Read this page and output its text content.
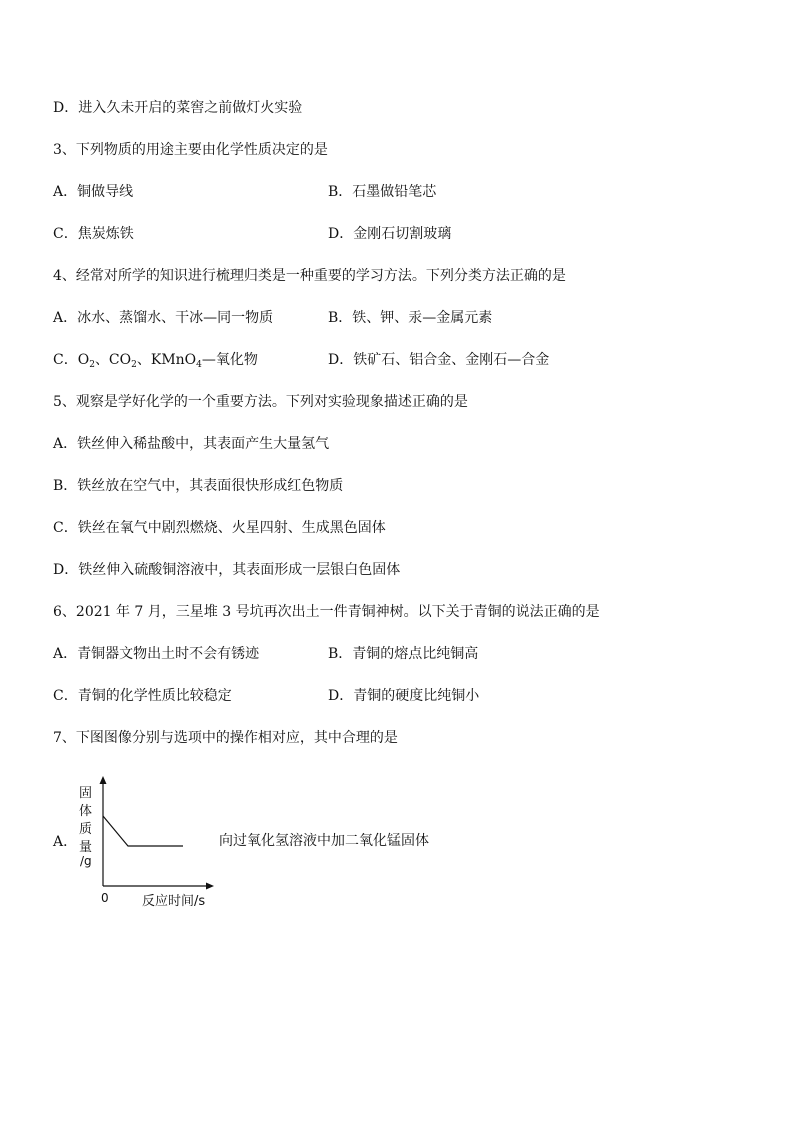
D．进入久未开启的菜窖之前做灯火实验
3、下列物质的用途主要由化学性质决定的是
A．铜做导线	B．石墨做铅笔芯
C．焦炭炼铁	D．金刚石切割玻璃
4、经常对所学的知识进行梳理归类是一种重要的学习方法。下列分类方法正确的是
A．冰水、蒸馏水、干冰—同一物质	B．铁、钾、汞—金属元素
C．$O_2$、$CO_2$、KMnO$_4$—氧化物	D．铁矿石、铝合金、金刚石—合金
5、观察是学好化学的一个重要方法。下列对实验现象描述正确的是
A．铁丝伸入稀盐酸中，其表面产生大量氢气
B．铁丝放在空气中，其表面很快形成红色物质
C．铁丝在氧气中剧烈燃烧、火星四射、生成黑色固体
D．铁丝伸入硫酸铜溶液中，其表面形成一层银白色固体
6、2021 年 7 月，三星堆 3 号坑再次出土一件青铜神树。以下关于青铜的说法正确的是
A．青铜器文物出土时不会有锈迹	B．青铜的熔点比纯铜高
C．青铜的化学性质比较稳定	D．青铜的硬度比纯铜小
7、下图图像分别与选项中的操作相对应，其中合理的是
A．
固
体
质
量
/g
0	反应时间/s
向过氧化氢溶液中加二氧化锰固体
